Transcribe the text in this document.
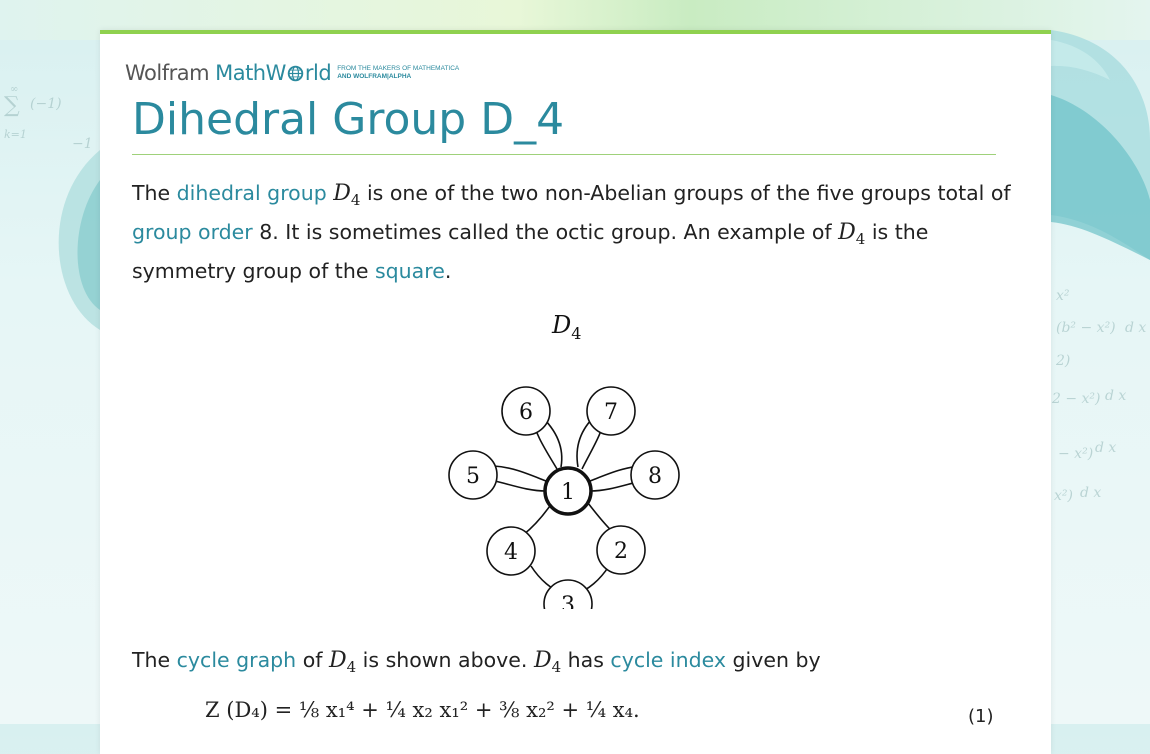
∑ (−1)
k=1
∞
−1
(b² − x²) d x
2)
2 − x²) d x
− x²) d x
x²) d x
x²
Wolfram MathW rld FROM THE MAKERS OF MATHEMATICA
AND WOLFRAM|ALPHA
Dihedral Group D_4

The dihedral group $D_4$ is one of the two non-Abelian groups of the five groups total of group order 8. It is sometimes called the octic group. An example of $D_4$ is the symmetry group of the square.

$D_4$
1
2
3
4
5
6	7
8

The cycle graph of $D_4$ is shown above. $D_4$ has cycle index given by

Z (D₄) = ⅛ x₁⁴ + ¼ x₂ x₁² + ⅜ x₂² + ¼ x₄.	(1)
